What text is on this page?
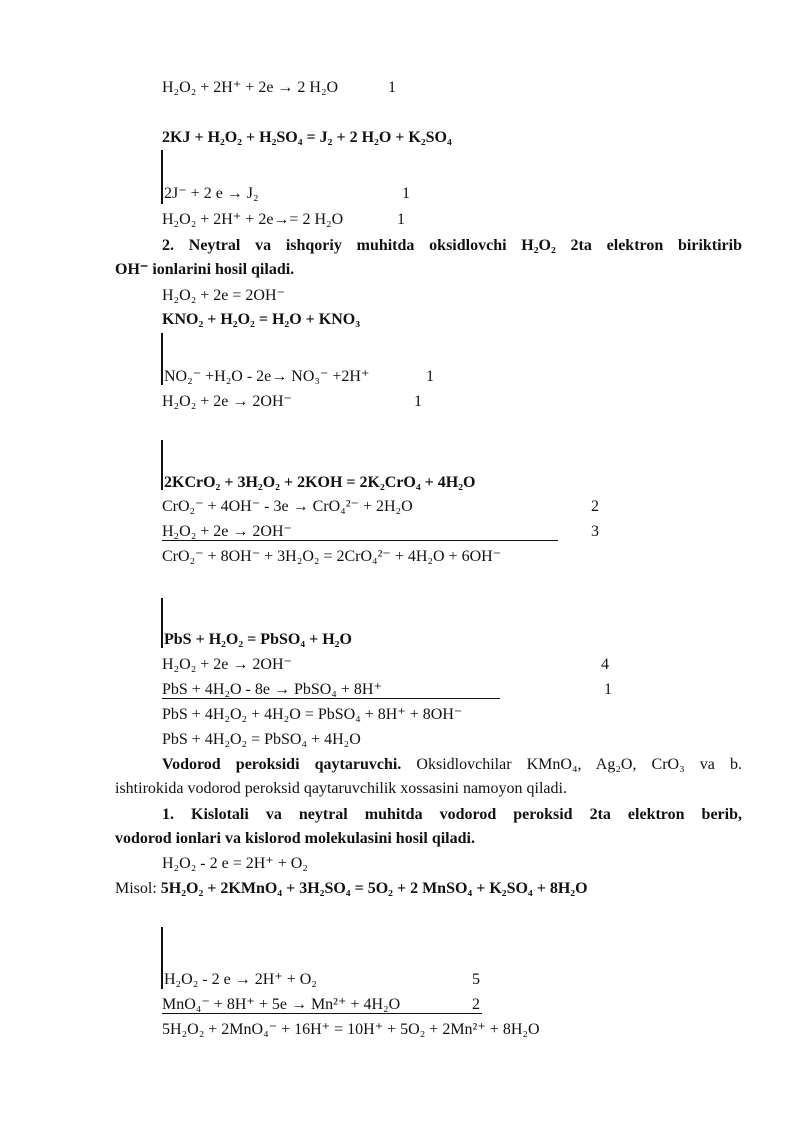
H₂O₂ + 2H⁺ + 2e → 2 H₂O	1
2KJ + H₂O₂ + H₂SO₄ = J₂ + 2 H₂O + K₂SO₄
2J⁻ + 2 e → J₂	1
H₂O₂ + 2H⁺ + 2e→= 2 H₂O	1
2. Neytral va ishqoriy muhitda oksidlovchi H₂O₂ 2ta elektron biriktirib
OH⁻ ionlarini hosil qiladi.
H₂O₂ + 2e = 2OH⁻
KNO₂ + H₂O₂ = H₂O + KNO₃
NO₂⁻ +H₂O - 2e→ NO₃⁻ +2H⁺	1
H₂O₂ + 2e → 2OH⁻	1
2KCrO₂ + 3H₂O₂ + 2KOH = 2K₂CrO₄ + 4H₂O
CrO₂⁻ + 4OH⁻ - 3e → CrO₄²⁻ + 2H₂O	2
H₂O₂ + 2e → 2OH⁻	3
CrO₂⁻ + 8OH⁻ + 3H₂O₂ = 2CrO₄²⁻ + 4H₂O + 6OH⁻
PbS + H₂O₂ = PbSO₄ + H₂O
H₂O₂ + 2e → 2OH⁻	4
PbS + 4H₂O - 8e → PbSO₄ + 8H⁺	1
PbS + 4H₂O₂ + 4H₂O = PbSO₄ + 8H⁺ + 8OH⁻
PbS + 4H₂O₂ = PbSO₄ + 4H₂O
Vodorod peroksidi qaytaruvchi. Oksidlovchilar KMnO₄, Ag₂O, CrO₃ va b.
ishtirokida vodorod peroksid qaytaruvchilik xossasini namoyon qiladi.
1. Kislotali va neytral muhitda vodorod peroksid 2ta elektron berib,
vodorod ionlari va kislorod molekulasini hosil qiladi.
H₂O₂ - 2 e = 2H⁺ + O₂
Misol: 5H₂O₂ + 2KMnO₄ + 3H₂SO₄ = 5O₂ + 2 MnSO₄ + K₂SO₄ + 8H₂O
H₂O₂ - 2 e → 2H⁺ + O₂	5
MnO₄⁻ + 8H⁺ + 5e → Mn²⁺ + 4H₂O	2
5H₂O₂ + 2MnO₄⁻ + 16H⁺ = 10H⁺ + 5O₂ + 2Mn²⁺ + 8H₂O
